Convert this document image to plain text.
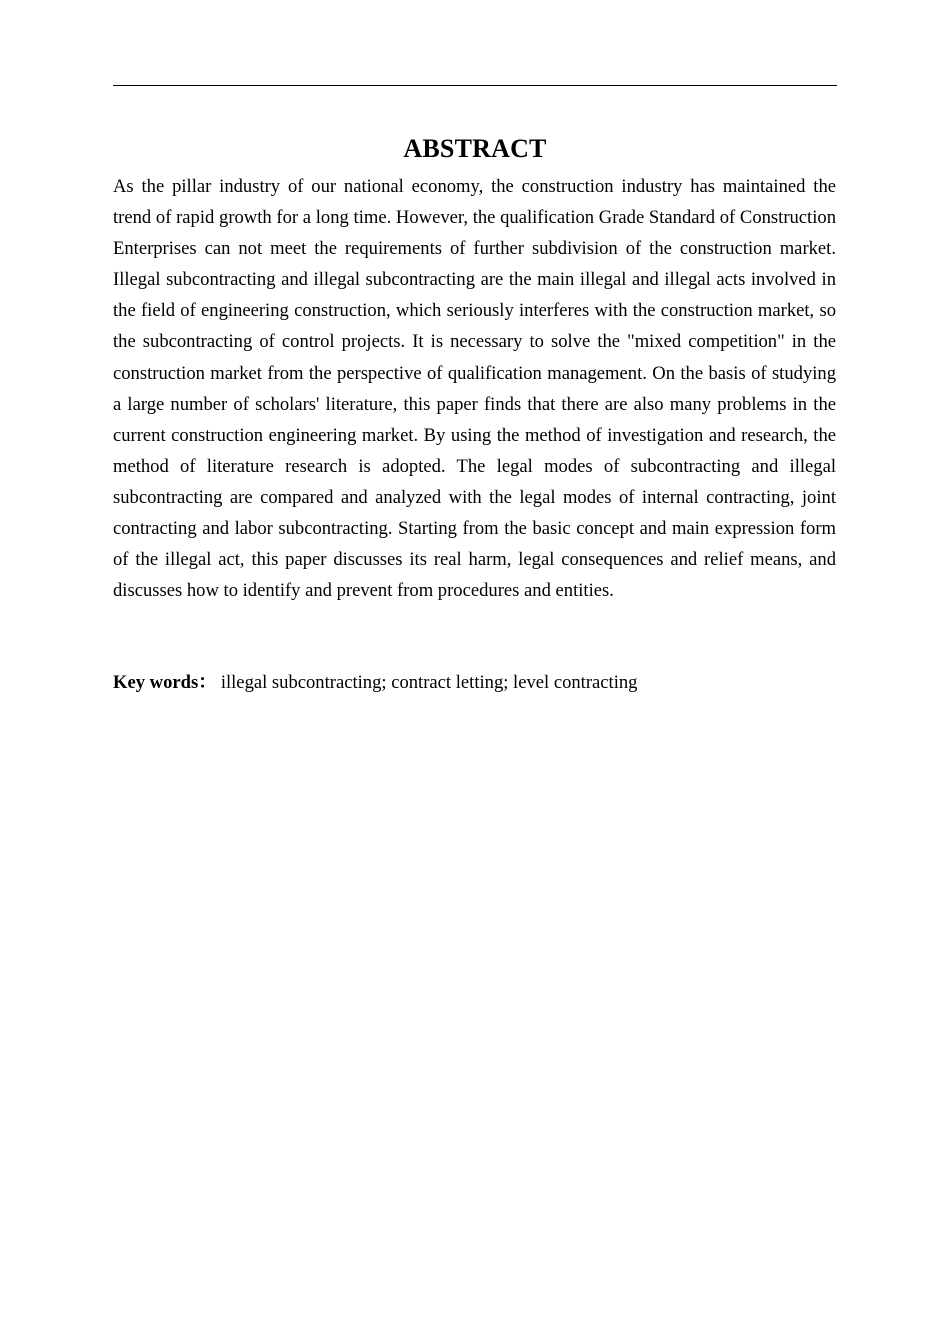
ABSTRACT

As the pillar industry of our national economy, the construction industry has maintained the trend of rapid growth for a long time. However, the qualification Grade Standard of Construction Enterprises can not meet the requirements of further subdivision of the construction market. Illegal subcontracting and illegal subcontracting are the main illegal and illegal acts involved in the field of engineering construction, which seriously interferes with the construction market, so the subcontracting of control projects. It is necessary to solve the "mixed competition" in the construction market from the perspective of qualification management. On the basis of studying a large number of scholars' literature, this paper finds that there are also many problems in the current construction engineering market. By using the method of investigation and research, the method of literature research is adopted. The legal modes of subcontracting and illegal subcontracting are compared and analyzed with the legal modes of internal contracting, joint contracting and labor subcontracting. Starting from the basic concept and main expression form of the illegal act, this paper discusses its real harm, legal consequences and relief means, and discusses how to identify and prevent from procedures and entities.

Key words： illegal subcontracting; contract letting; level contracting
